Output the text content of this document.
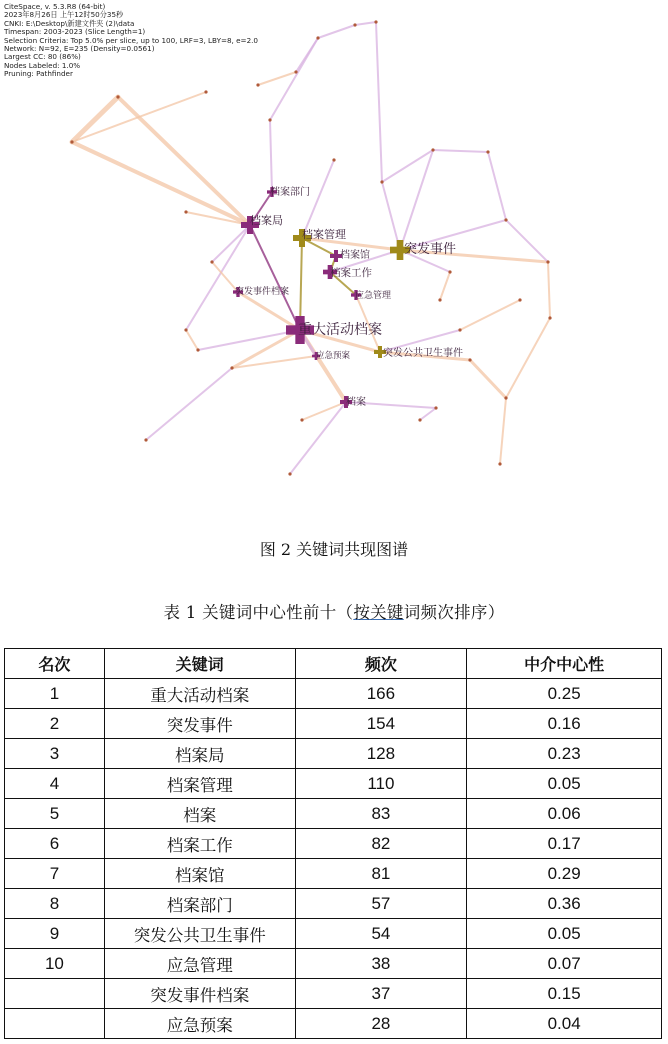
重大活动档案
突发事件
档案局
档案管理
档案
档案工作
档案馆
档案部门
突发公共卫生事件
应急管理
突发事件档案
应急预案
CiteSpace, v. 5.3.R8 (64-bit)
2023年8月26日 上午12时50分35秒
CNKI: E:\Desktop\新建文件夹 (2)\data
Timespan: 2003-2023 (Slice Length=1)
Selection Criteria: Top 5.0% per slice, up to 100, LRF=3, LBY=8, e=2.0
Network: N=92, E=235 (Density=0.0561)
Largest CC: 80 (86%)
Nodes Labeled: 1.0%
Pruning: Pathfinder
图 2 关键词共现图谱
表 1 关键词中心性前十（按关键词频次排序）
名次	关键词	频次	中介中心性
1	重大活动档案	166	0.25
2	突发事件	154	0.16
3	档案局	128	0.23
4	档案管理	110	0.05
5	档案	83	0.06
6	档案工作	82	0.17
7	档案馆	81	0.29
8	档案部门	57	0.36
9	突发公共卫生事件	54	0.05
10	应急管理	38	0.07
	突发事件档案	37	0.15
	应急预案	28	0.04
